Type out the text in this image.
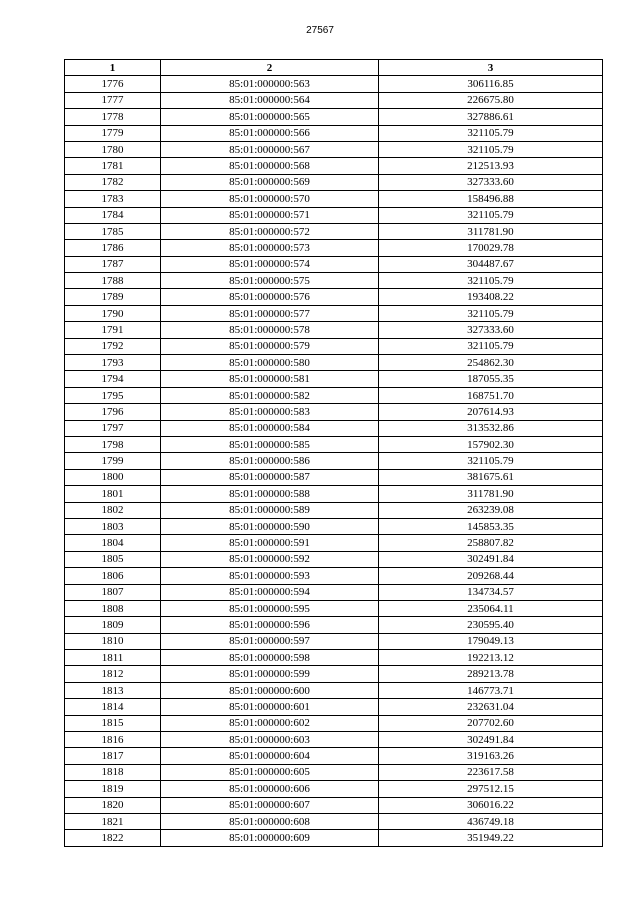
27567
1	2	3
1776	85:01:000000:563	306116.85
1777	85:01:000000:564	226675.80
1778	85:01:000000:565	327886.61
1779	85:01:000000:566	321105.79
1780	85:01:000000:567	321105.79
1781	85:01:000000:568	212513.93
1782	85:01:000000:569	327333.60
1783	85:01:000000:570	158496.88
1784	85:01:000000:571	321105.79
1785	85:01:000000:572	311781.90
1786	85:01:000000:573	170029.78
1787	85:01:000000:574	304487.67
1788	85:01:000000:575	321105.79
1789	85:01:000000:576	193408.22
1790	85:01:000000:577	321105.79
1791	85:01:000000:578	327333.60
1792	85:01:000000:579	321105.79
1793	85:01:000000:580	254862.30
1794	85:01:000000:581	187055.35
1795	85:01:000000:582	168751.70
1796	85:01:000000:583	207614.93
1797	85:01:000000:584	313532.86
1798	85:01:000000:585	157902.30
1799	85:01:000000:586	321105.79
1800	85:01:000000:587	381675.61
1801	85:01:000000:588	311781.90
1802	85:01:000000:589	263239.08
1803	85:01:000000:590	145853.35
1804	85:01:000000:591	258807.82
1805	85:01:000000:592	302491.84
1806	85:01:000000:593	209268.44
1807	85:01:000000:594	134734.57
1808	85:01:000000:595	235064.11
1809	85:01:000000:596	230595.40
1810	85:01:000000:597	179049.13
1811	85:01:000000:598	192213.12
1812	85:01:000000:599	289213.78
1813	85:01:000000:600	146773.71
1814	85:01:000000:601	232631.04
1815	85:01:000000:602	207702.60
1816	85:01:000000:603	302491.84
1817	85:01:000000:604	319163.26
1818	85:01:000000:605	223617.58
1819	85:01:000000:606	297512.15
1820	85:01:000000:607	306016.22
1821	85:01:000000:608	436749.18
1822	85:01:000000:609	351949.22
